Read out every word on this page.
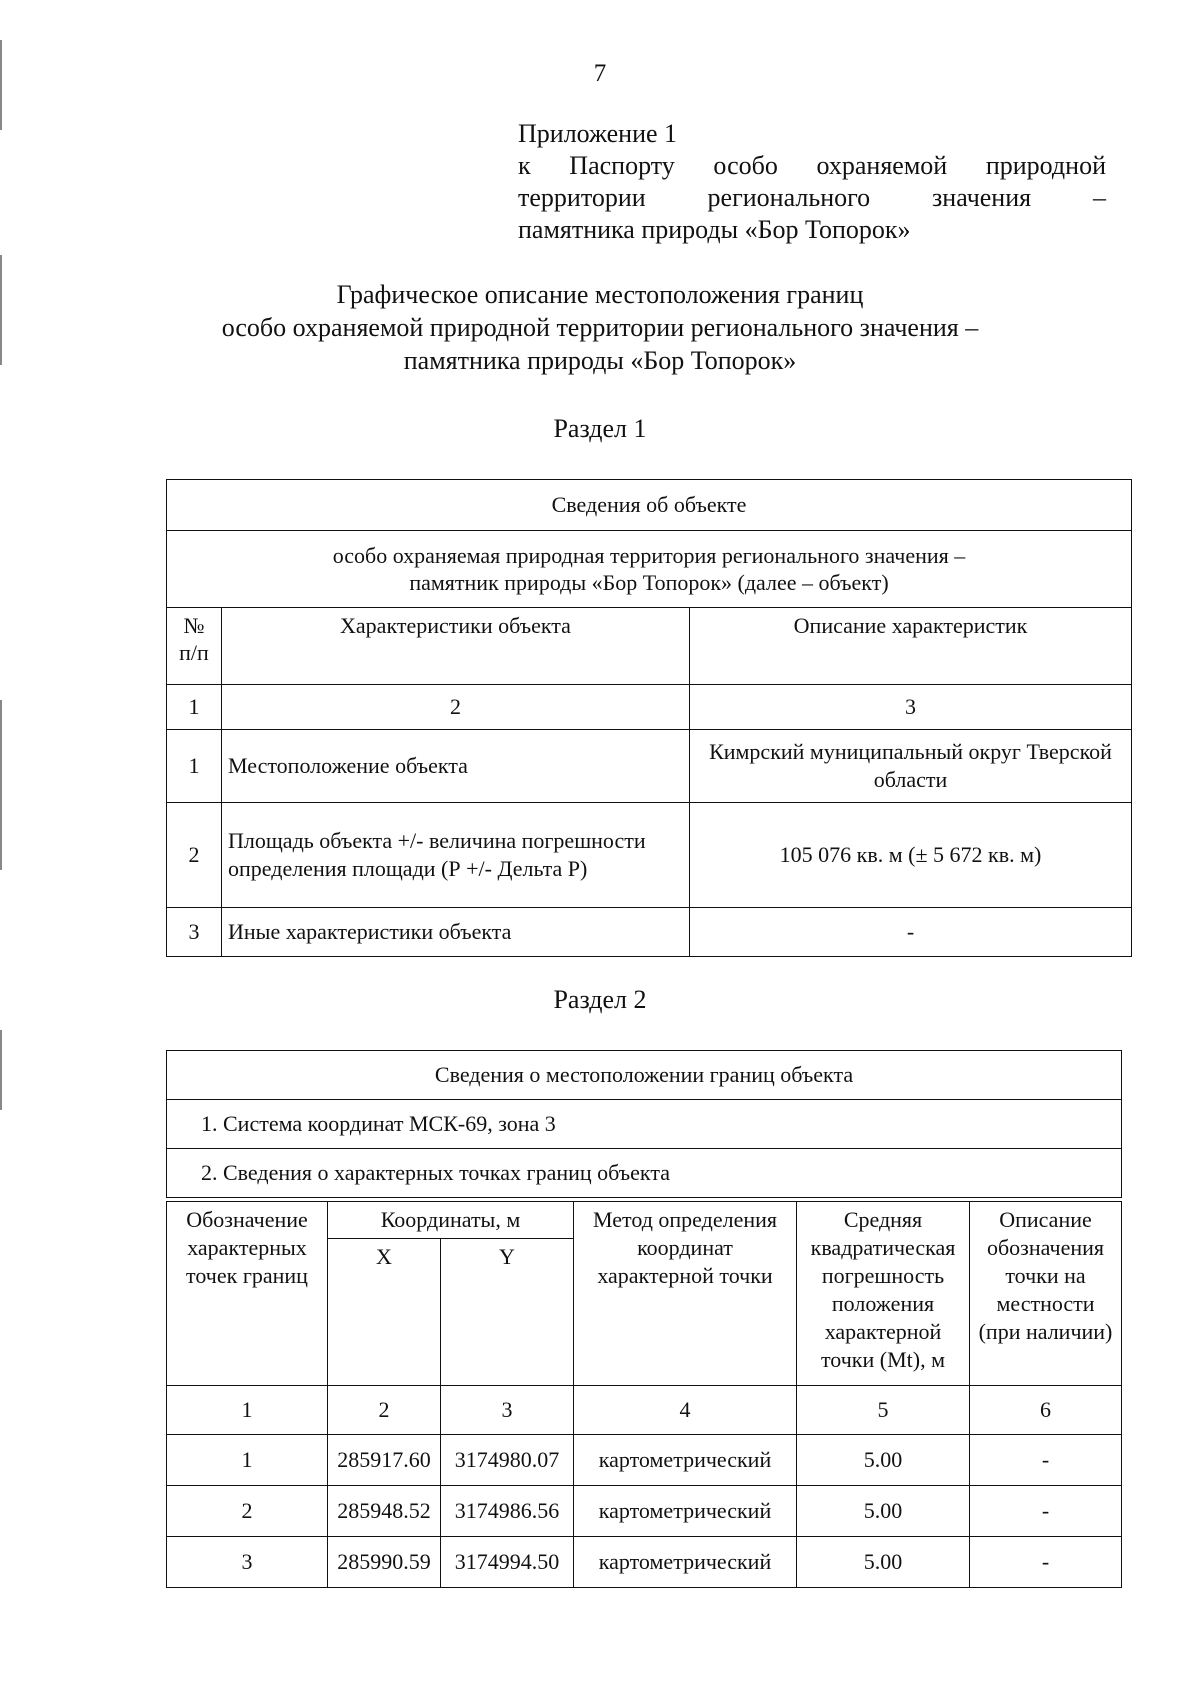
7
Приложение 1
к Паспорту особо охраняемой природной
территории регионального значения –
памятника природы «Бор Топорок»
Графическое описание местоположения границ
особо охраняемой природной территории регионального значения –
памятника природы «Бор Топорок»
Раздел 1
Сведения об объекте		
особо охраняемая природная территория регионального значения –
памятник природы «Бор Топорок» (далее – объект)		
№ п/п	Характеристики объекта	Описание характеристик
1	2	3
1	Местоположение объекта	Кимрский муниципальный округ Тверской области
2	Площадь объекта +/- величина погрешности определения площади (Р +/- Дельта Р)	105 076 кв. м (± 5 672 кв. м)
3	Иные характеристики объекта	-
Раздел 2
Сведения о местоположении границ объекта
1. Система координат МСК-69, зона 3
2. Сведения о характерных точках границ объекта
Обозначение характерных точек границ	Координаты, м		Метод определения координат характерной точки	Средняя квадратическая погрешность положения характерной точки (Mt), м	Описание обозначения точки на местности (при наличии)
	X	Y			
1	2	3	4	5	6
1	285917.60	3174980.07	картометрический	5.00	-
2	285948.52	3174986.56	картометрический	5.00	-
3	285990.59	3174994.50	картометрический	5.00	-
